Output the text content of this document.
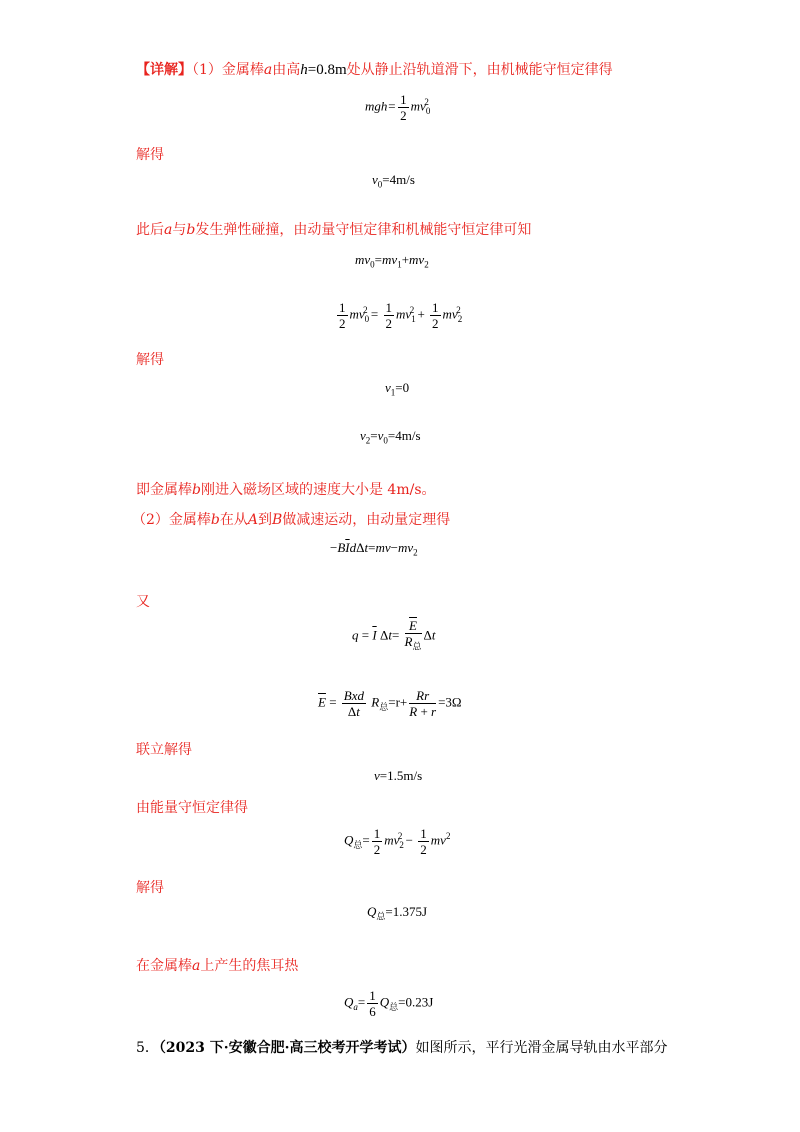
【详解】（1）金属棒a由高h=0.8m处从静止沿轨道滑下，由机械能守恒定律得
$mgh= \frac{1}{2} mv_0^2$
解得
$v_0=4m/s$
此后a与b发生弹性碰撞，由动量守恒定律和机械能守恒定律可知
$mv_0=mv_1+mv_2$
$\frac{1}{2} mv_0^2 = \frac{1}{2} mv_1^2 + \frac{1}{2} mv_2^2$
解得
$v_1=0$
$v_2=v_0=4m/s$
即金属棒b刚进入磁场区域的速度大小是 4m/s。
（2）金属棒b在从A到B做减速运动，由动量定理得
$-B\overline{I}d\Delta t=mv-mv_2$
又
$q = \overline{I}$ $\Delta t= \frac{\overline{E}}{R_总}$ Δt
$\overline{E} = \frac{\text{Bxd}}{\Delta t} R_总=r+ \frac{Rr}{R + r} =3\Omega$
联立解得
v=1.5m/s
由能量守恒定律得
$Q_总= \frac{1}{2} mv_2^2 - \frac{1}{2} mv^2$
解得
$Q_总=1.375J$
在金属棒a上产生的焦耳热
$Q_a= \frac{1}{6} Q_总=0.23J$
5．（2023 下·安徽合肥·高三校考开学考试）如图所示，平行光滑金属导轨由水平部分
